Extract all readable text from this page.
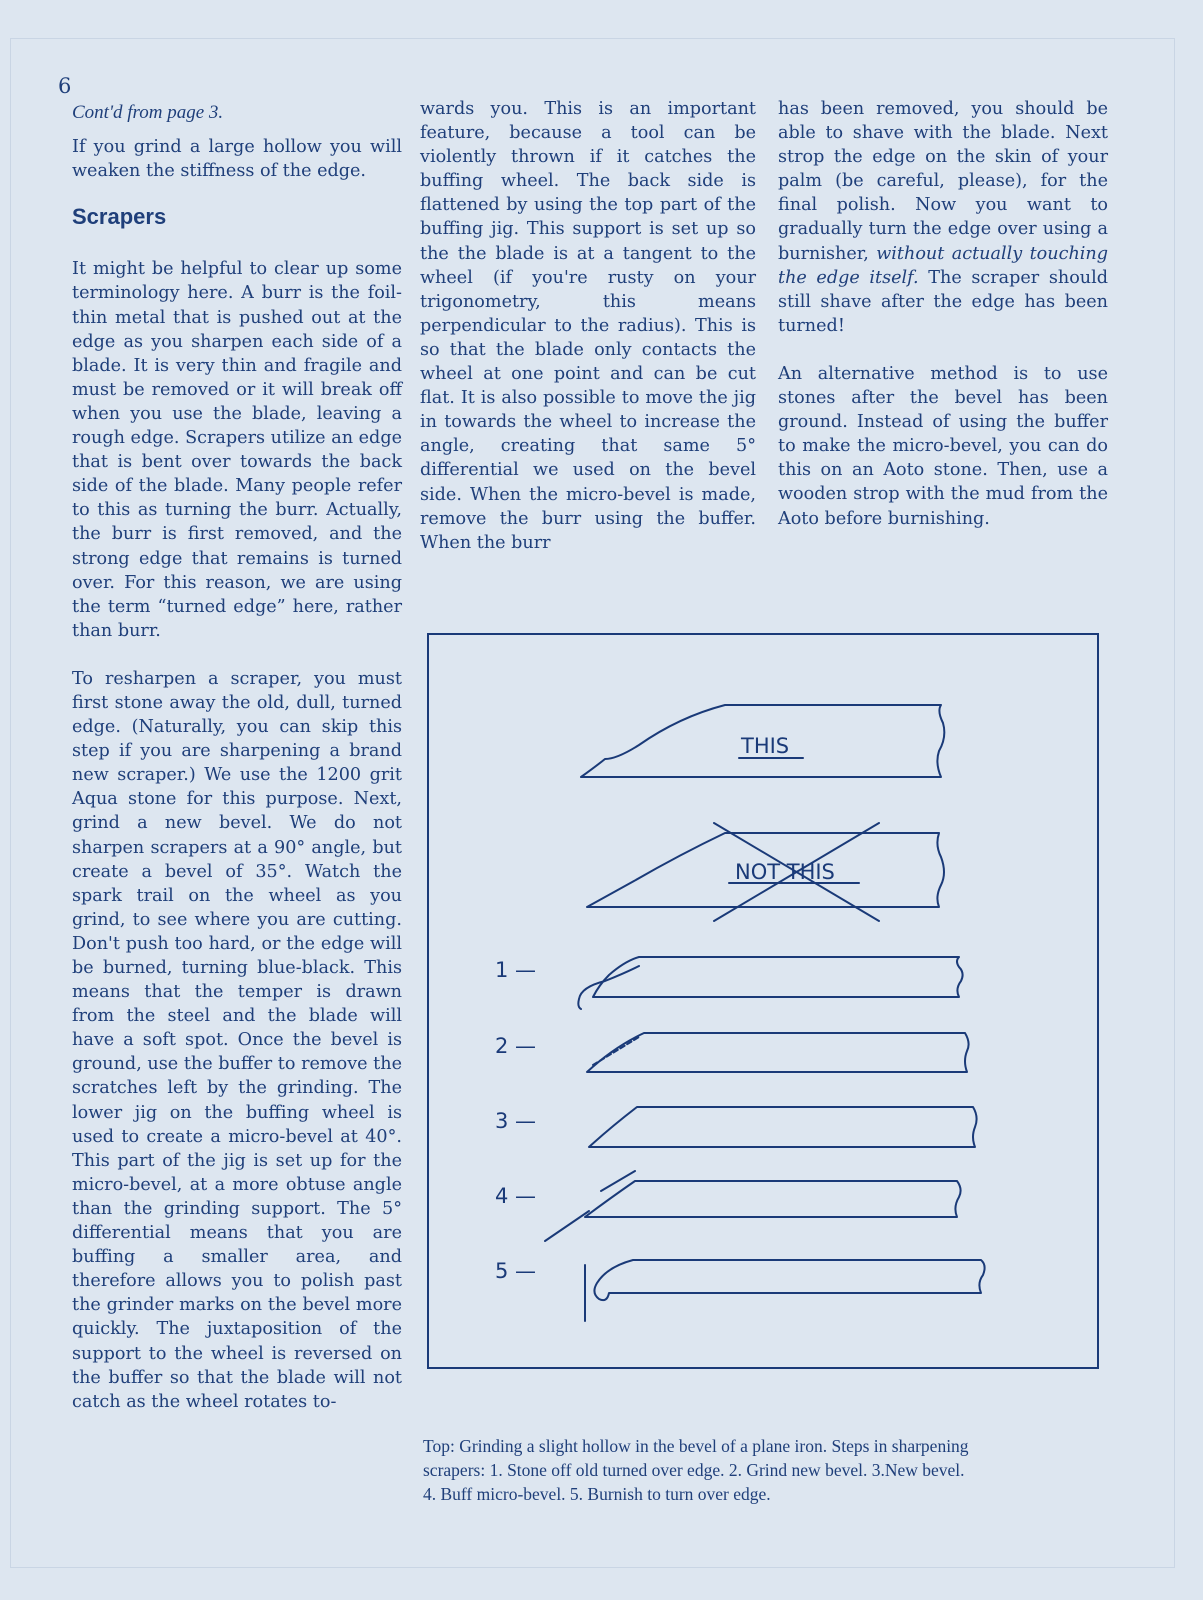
6

Cont'd from page 3.

If you grind a large hollow you will weaken the stiffness of the edge.

Scrapers

It might be helpful to clear up some terminology here. A burr is the foil-thin metal that is pushed out at the edge as you sharpen each side of a blade. It is very thin and fragile and must be removed or it will break off when you use the blade, leaving a rough edge. Scrapers utilize an edge that is bent over towards the back side of the blade. Many people refer to this as turning the burr. Actually, the burr is first removed, and the strong edge that remains is turned over. For this reason, we are using the term “turned edge” here, rather than burr.

To resharpen a scraper, you must first stone away the old, dull, turned edge. (Naturally, you can skip this step if you are sharpening a brand new scraper.) We use the 1200 grit Aqua stone for this purpose. Next, grind a new bevel. We do not sharpen scrapers at a 90° angle, but create a bevel of 35°. Watch the spark trail on the wheel as you grind, to see where you are cutting. Don't push too hard, or the edge will be burned, turning blue-black. This means that the temper is drawn from the steel and the blade will have a soft spot. Once the bevel is ground, use the buffer to remove the scratches left by the grinding. The lower jig on the buffing wheel is used to create a micro-bevel at 40°. This part of the jig is set up for the micro-bevel, at a more obtuse angle than the grinding support. The 5° differential means that you are buffing a smaller area, and therefore allows you to polish past the grinder marks on the bevel more quickly. The juxtaposition of the support to the wheel is reversed on the buffer so that the blade will not catch as the wheel rotates to-

wards you. This is an important feature, because a tool can be violently thrown if it catches the buffing wheel. The back side is flattened by using the top part of the buffing jig. This support is set up so the the blade is at a tangent to the wheel (if you're rusty on your trigonometry, this means perpendicular to the radius). This is so that the blade only contacts the wheel at one point and can be cut flat. It is also possible to move the jig in towards the wheel to increase the angle, creating that same 5° differential we used on the bevel side. When the micro-bevel is made, remove the burr using the buffer. When the burr

has been removed, you should be able to shave with the blade. Next strop the edge on the skin of your palm (be careful, please), for the final polish. Now you want to gradually turn the edge over using a burnisher, without actually touching the edge itself. The scraper should still shave after the edge has been turned!

An alternative method is to use stones after the bevel has been ground. Instead of using the buffer to make the micro-bevel, you can do this on an Aoto stone. Then, use a wooden strop with the mud from the Aoto before burnishing.

THIS
NOT THIS
1 —
2 —
3 —
4 —
5 —
Top: Grinding a slight hollow in the bevel of a plane iron. Steps in sharpening
scrapers: 1. Stone off old turned over edge. 2. Grind new bevel. 3.New bevel.
4. Buff micro-bevel. 5. Burnish to turn over edge.
